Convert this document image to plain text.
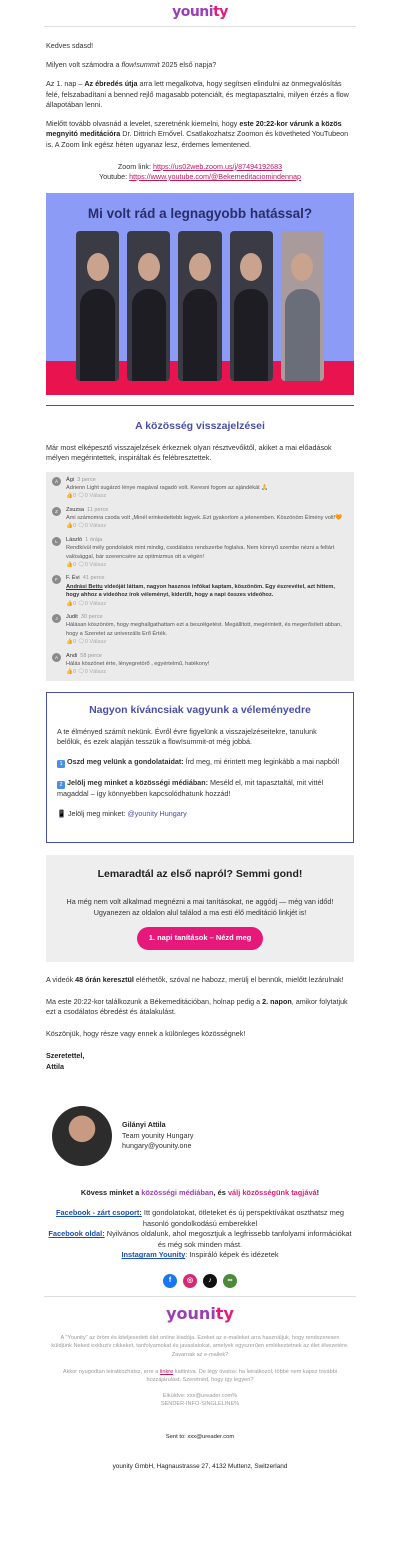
younity
Kedves sdasd!
Milyen volt számodra a flow!summit 2025 első napja?
Az 1. nap – Az ébredés útja arra lett megalkotva, hogy segítsen elindulni az önmegvalósítás felé, felszabadítani a benned rejlő magasabb potenciált, és megtapasztalni, milyen érzés a flow állapotában lenni.
Mielőtt tovább olvasnád a levelet, szeretnénk kiemelni, hogy este 20:22-kor várunk a közös megnyitó meditációra Dr. Dittrich Ernővel. Csatlakozhatsz Zoomon és követheted YouTubeon is. A Zoom link egész héten ugyanaz lesz, érdemes lementened.
Zoom link: https://us02web.zoom.us/j/87494192683
Youtube: https://www.youtube.com/@Bekemeditaciomindennap
Mi volt rád a legnagyobb hatással?
A közösség visszajelzései
Már most elképesztő visszajelzések érkeznek olyan résztvevőktől, akiket a mai előadások mélyen megérintettek, inspiráltak és felébresztettek.
Á	Ági 3 perce
Adrienn Light sugárzó lénye magával ragadó volt. Keresni fogom az ajándékát 🙏
👍0 🗨0 Válasz
Z	Zsuzsa 11 perce
Ami számomra csoda volt „Minél erinkedettebb legyek..Ezt gyakorlom a jelenemben. Köszönöm Élmény volt!🧡
👍0 🗨0 Válasz
L	László 1 órája
Rendkívül mély gondolatok mint mindig, csodálatos rendszerbe foglalva. Nem könnyű szembe nézni a feltárt valósággal, bár szerencsére az optimizmus ott a végén!
👍0 🗨0 Válasz
F	F. Évi 41 perce
Andrási Bettu videóját láttam, nagyon hasznos infókat kaptam, köszönöm. Egy észrevétel, azt hittem, hogy ahhoz a videóhoz írok véleményt, kiderült, hogy a napi összes videóhoz.
👍0 🗨0 Válasz
J	Judit 30 perce
Hálásan köszönöm, hogy meghallgathattam ezt a beszélgetést. Megállított, megérintett, és megerősített abban, hogy a Szeretet az univerzális Erő Érték.
👍0 🗨0 Válasz
A	Andi 58 perce
Hálás köszönet érte, lényegretörő , egyértelmű, hatékony!
👍0 🗨0 Válasz
Nagyon kíváncsiak vagyunk a véleményedre
A te élményed számít nekünk. Évről évre figyelünk a visszajelzéseitekre, tanulunk belőlük, és ezek alapján tesszük a flow!summit-ot még jobbá.
1 Oszd meg velünk a gondolataidat: Írd meg, mi érintett meg leginkább a mai napból!
2 Jelölj meg minket a közösségi médiában: Meséld el, mit tapasztaltál, mit vittél magaddal – így könnyebben kapcsolódhatunk hozzád!
📱 Jelölj meg minket: @younity Hungary
Lemaradtál az első napról? Semmi gond!
Ha még nem volt alkalmad megnézni a mai tanításokat, ne aggódj — még van időd! Ugyanezen az oldalon alul találod a ma esti élő meditáció linkjét is!
1. napi tanítások – Nézd meg
A videók 48 órán keresztül elérhetők, szóval ne habozz, merülj el bennük, mielőtt lezárulnak!
Ma este 20:22-kor találkozunk a Békemeditációban, holnap pedig a 2. napon, amikor folytatjuk ezt a csodálatos ébredést és átalakulást.
Köszönjük, hogy része vagy ennek a különleges közösségnek!
Szeretettel,
Attila
Gilányi Attila
Team younity Hungary
hungary@younity.one
Kövess minket a közösségi médiában, és válj közösségünk tagjává!
Facebook - zárt csoport: Itt gondolatokat, ötleteket és új perspektívákat oszthatsz meg hasonló gondolkodású emberekkel
Facebook oldal: Nyilvános oldalunk, ahol megosztjuk a legfrissebb tanfolyami információkat és még sok minden mást.
Instagram Younity: Inspiráló képek és idézetek
f	◎	♪	∞
younity
A "Younity" az öröm és kiteljesedett élet online kiadója. Ezeket az e-maileket arra használjuk, hogy rendszeresen küldjünk Neked exkluzív cikkeket, tanfolyamokat és javaslatokat, amelyek egyszerűen emlékeztetnek az élet élvezetére. Zavarnak az e-mailek?
Akkor nyugodtan leiratkozhatsz, erre a linkre kattintva. De légy óvatos: ha leiratkozol, többé nem kapsz további hozzájárulást. Szeretnéd, hogy így legyen?
Elküldve: xxx@ureader.com%
SENDER-INFO-SINGLELINE%
Sent to: xxx@ureader.com
younity GmbH, Hagnaustrasse 27, 4132 Muttenz, Switzerland
